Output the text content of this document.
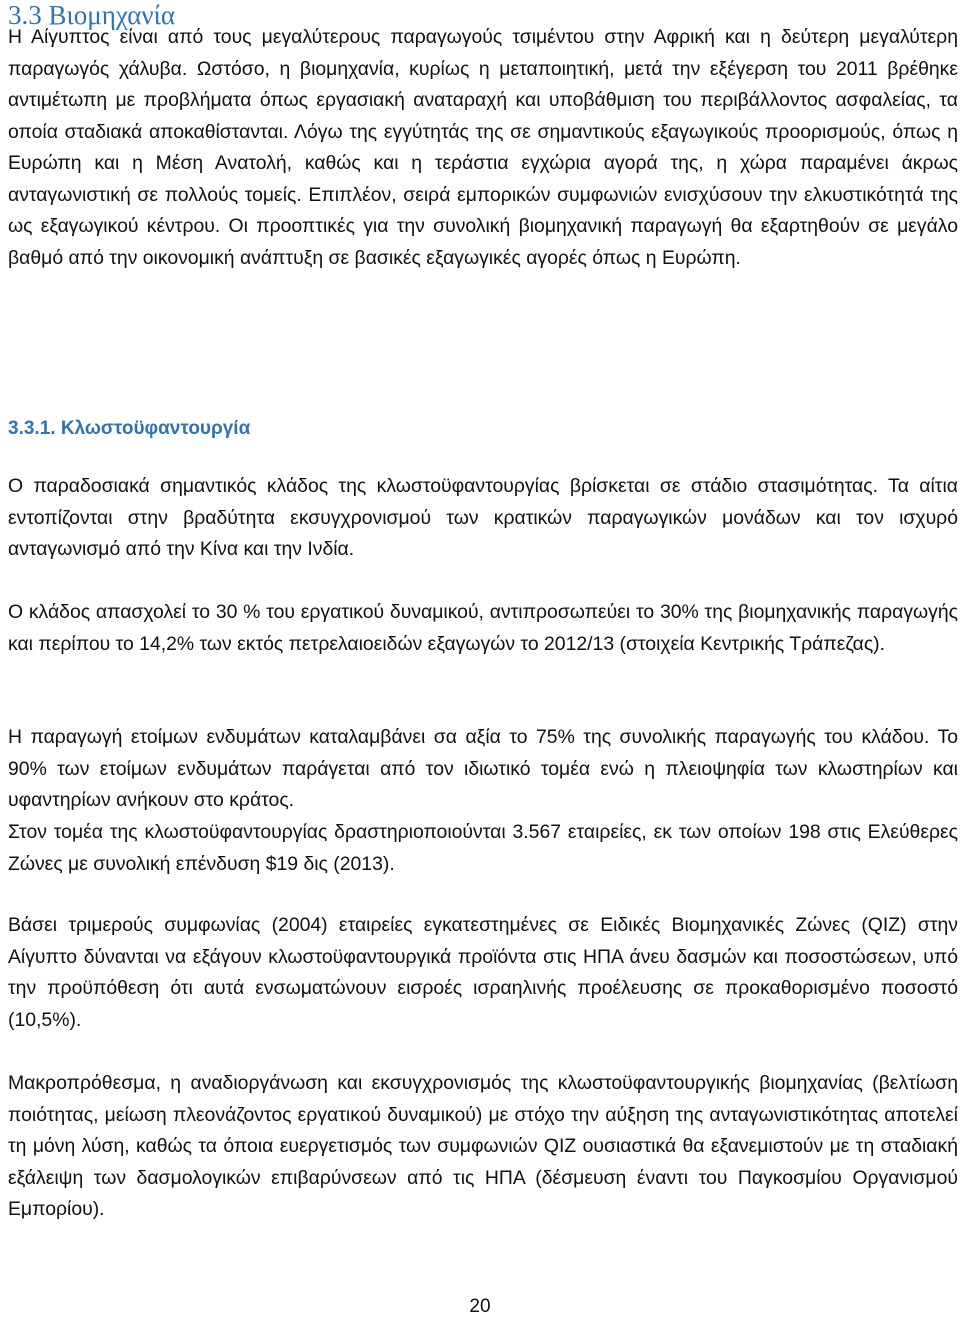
3.3 Βιομηχανία

Η Αίγυπτος είναι από τους μεγαλύτερους παραγωγούς τσιμέντου στην Αφρική και η δεύτερη μεγαλύτερη παραγωγός χάλυβα. Ωστόσο, η βιομηχανία, κυρίως η μεταποιητική, μετά την εξέγερση του 2011 βρέθηκε αντιμέτωπη με προβλήματα όπως εργασιακή αναταραχή και υποβάθμιση του περιβάλλοντος ασφαλείας, τα οποία σταδιακά αποκαθίστανται. Λόγω της εγγύτητάς της σε σημαντικούς εξαγωγικούς προορισμούς, όπως η Ευρώπη και η Μέση Ανατολή, καθώς και η τεράστια εγχώρια αγορά της, η χώρα παραμένει άκρως ανταγωνιστική σε πολλούς τομείς. Επιπλέον, σειρά εμπορικών συμφωνιών ενισχύσουν την ελκυστικότητά της ως εξαγωγικού κέντρου. Οι προοπτικές για την συνολική βιομηχανική παραγωγή θα εξαρτηθούν σε μεγάλο βαθμό από την οικονομική ανάπτυξη σε βασικές εξαγωγικές αγορές όπως η Ευρώπη.

3.3.1. Κλωστοϋφαντουργία

Ο παραδοσιακά σημαντικός κλάδος της κλωστοϋφαντουργίας βρίσκεται σε στάδιο στασιμότητας. Τα αίτια εντοπίζονται στην βραδύτητα εκσυγχρονισμού των κρατικών παραγωγικών μονάδων και τον ισχυρό ανταγωνισμό από την Κίνα και την Ινδία.

Ο κλάδος απασχολεί το 30 % του εργατικού δυναμικού, αντιπροσωπεύει το 30% της βιομηχανικής παραγωγής και περίπου το 14,2% των εκτός πετρελαιοειδών εξαγωγών το 2012/13 (στοιχεία Κεντρικής Τράπεζας).

Η παραγωγή ετοίμων ενδυμάτων καταλαμβάνει σα αξία το 75% της συνολικής παραγωγής του κλάδου. Το 90% των ετοίμων ενδυμάτων παράγεται από τον ιδιωτικό τομέα ενώ η πλειοψηφία των κλωστηρίων και υφαντηρίων ανήκουν στο κράτος.

Στον τομέα της κλωστοϋφαντουργίας δραστηριοποιούνται 3.567 εταιρείες, εκ των οποίων 198 στις Ελεύθερες Ζώνες με συνολική επένδυση $19 δις (2013).

Βάσει τριμερούς συμφωνίας (2004) εταιρείες εγκατεστημένες σε Ειδικές Βιομηχανικές Ζώνες (QIZ) στην Αίγυπτο δύνανται να εξάγουν κλωστοϋφαντουργικά προϊόντα στις ΗΠΑ άνευ δασμών και ποσοστώσεων, υπό την προϋπόθεση ότι αυτά ενσωματώνουν εισροές ισραηλινής προέλευσης σε προκαθορισμένο ποσοστό (10,5%).

Μακροπρόθεσμα, η αναδιοργάνωση και εκσυγχρονισμός της κλωστοϋφαντουργικής βιομηχανίας (βελτίωση ποιότητας, μείωση πλεονάζοντος εργατικού δυναμικού) με στόχο την αύξηση της ανταγωνιστικότητας αποτελεί τη μόνη λύση, καθώς τα όποια ευεργετισμός των συμφωνιών QIZ ουσιαστικά θα εξανεμιστούν με τη σταδιακή εξάλειψη των δασμολογικών επιβαρύνσεων από τις ΗΠΑ (δέσμευση έναντι του Παγκοσμίου Οργανισμού Εμπορίου).

20
